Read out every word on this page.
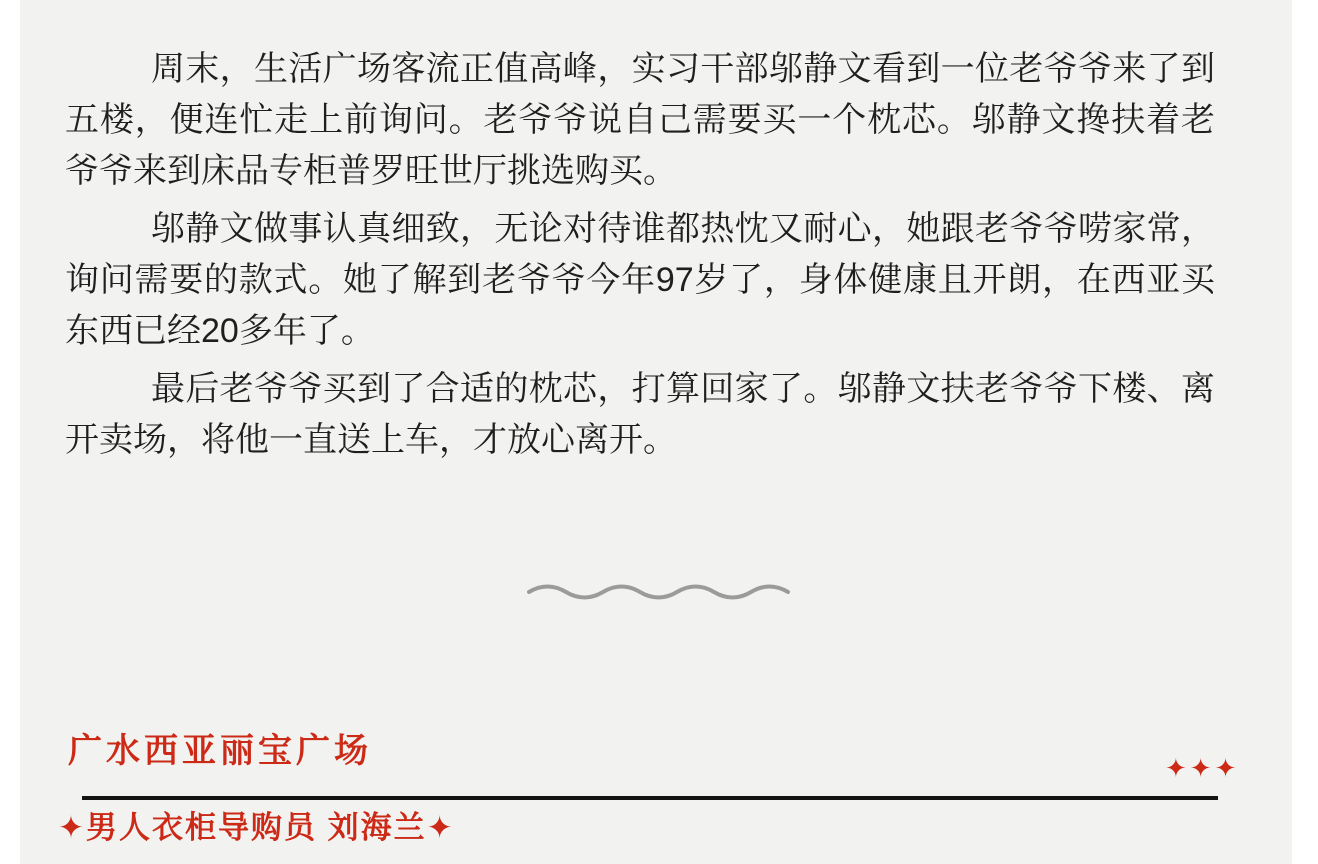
周末，生活广场客流正值高峰，实习干部邬静文看到一位老爷爷来了到五楼，便连忙走上前询问。老爷爷说自己需要买一个枕芯。邬静文搀扶着老爷爷来到床品专柜普罗旺世厅挑选购买。

邬静文做事认真细致，无论对待谁都热忱又耐心，她跟老爷爷唠家常，询问需要的款式。她了解到老爷爷今年97岁了，身体健康且开朗，在西亚买东西已经20多年了。

最后老爷爷买到了合适的枕芯，打算回家了。邬静文扶老爷爷下楼、离开卖场，将他一直送上车，才放心离开。

广水西亚丽宝广场	✦✦✦
✦男人衣柜导购员 刘海兰✦
